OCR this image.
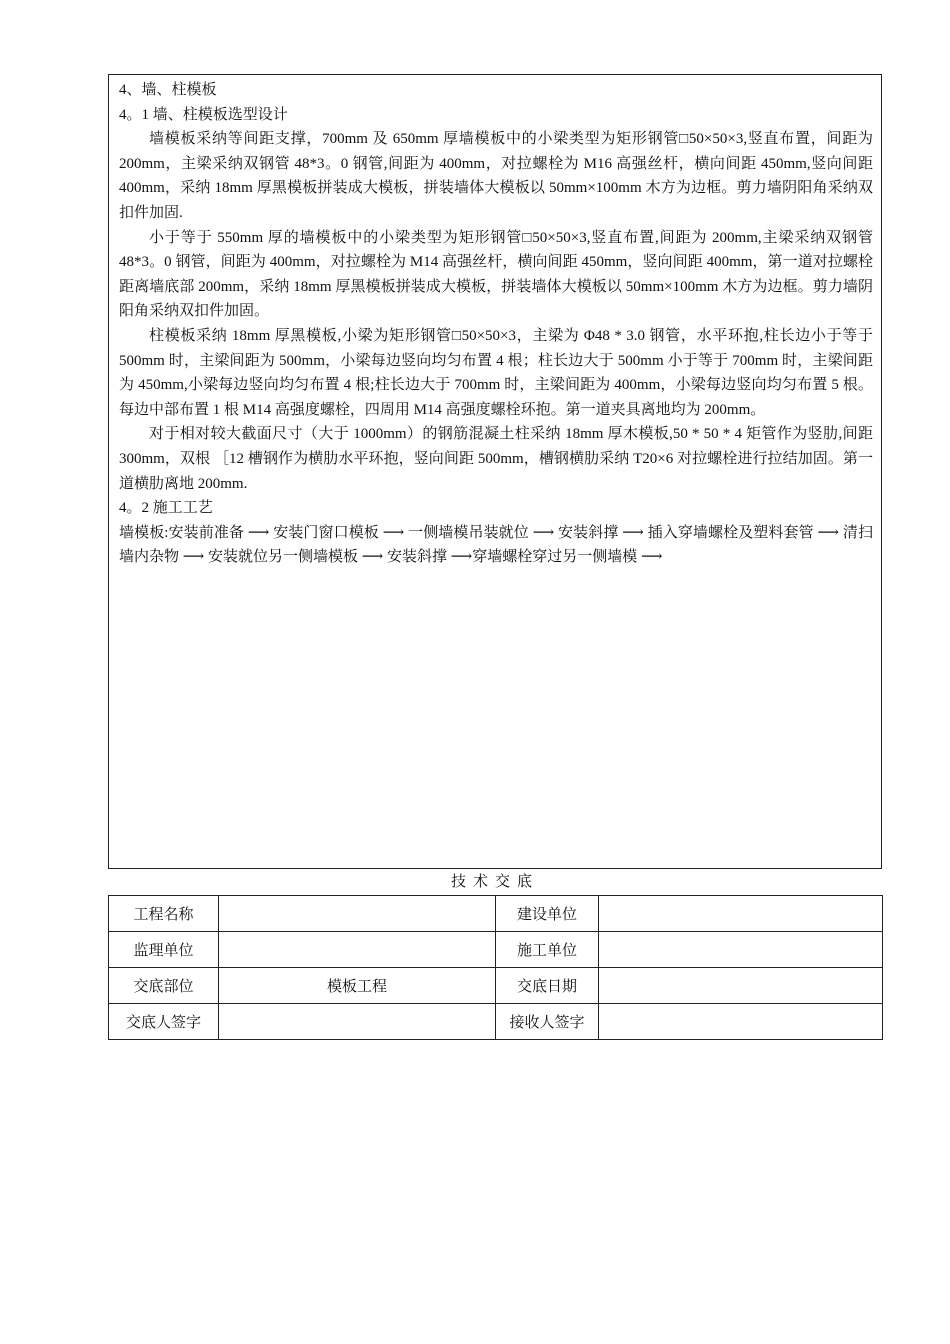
4、墙、柱模板
4。1 墙、柱模板选型设计

墙模板采纳等间距支撑，700mm 及 650mm 厚墙模板中的小梁类型为矩形钢管□50×50×3,竖直布置，间距为 200mm，主梁采纳双钢管 48*3。0 钢管,间距为 400mm，对拉螺栓为 M16 高强丝杆，横向间距 450mm,竖向间距 400mm，采纳 18mm 厚黑模板拼装成大模板，拼装墙体大模板以 50mm×100mm 木方为边框。剪力墙阴阳角采纳双扣件加固.

小于等于 550mm 厚的墙模板中的小梁类型为矩形钢管□50×50×3,竖直布置,间距为 200mm,主梁采纳双钢管 48*3。0 钢管，间距为 400mm，对拉螺栓为 M14 高强丝杆，横向间距 450mm，竖向间距 400mm，第一道对拉螺栓距离墙底部 200mm，采纳 18mm 厚黑模板拼装成大模板，拼装墙体大模板以 50mm×100mm 木方为边框。剪力墙阴阳角采纳双扣件加固。

柱模板采纳 18mm 厚黑模板,小梁为矩形钢管□50×50×3，主梁为 Φ48 * 3.0 钢管，水平环抱,柱长边小于等于 500mm 时，主梁间距为 500mm，小梁每边竖向均匀布置 4 根；柱长边大于 500mm 小于等于 700mm 时，主梁间距为 450mm,小梁每边竖向均匀布置 4 根;柱长边大于 700mm 时，主梁间距为 400mm，小梁每边竖向均匀布置 5 根。每边中部布置 1 根 M14 高强度螺栓，四周用 M14 高强度螺栓环抱。第一道夹具离地均为 200mm。

对于相对较大截面尺寸（大于 1000mm）的钢筋混凝土柱采纳 18mm 厚木模板,50 * 50 * 4 矩管作为竖肋,间距 300mm，双根 ［12 槽钢作为横肋水平环抱，竖向间距 500mm，槽钢横肋采纳 T20×6 对拉螺栓进行拉结加固。第一道横肋离地 200mm.

4。2 施工工艺

墙模板:安装前准备 ⟶ 安装门窗口模板 ⟶ 一侧墙模吊装就位 ⟶ 安装斜撑 ⟶ 插入穿墙螺栓及塑料套管 ⟶ 清扫墙内杂物 ⟶ 安装就位另一侧墙模板 ⟶ 安装斜撑 ⟶穿墙螺栓穿过另一侧墙模 ⟶

技术交底
工程名称		建设单位	
监理单位		施工单位	
交底部位	模板工程	交底日期	
交底人签字		接收人签字	
